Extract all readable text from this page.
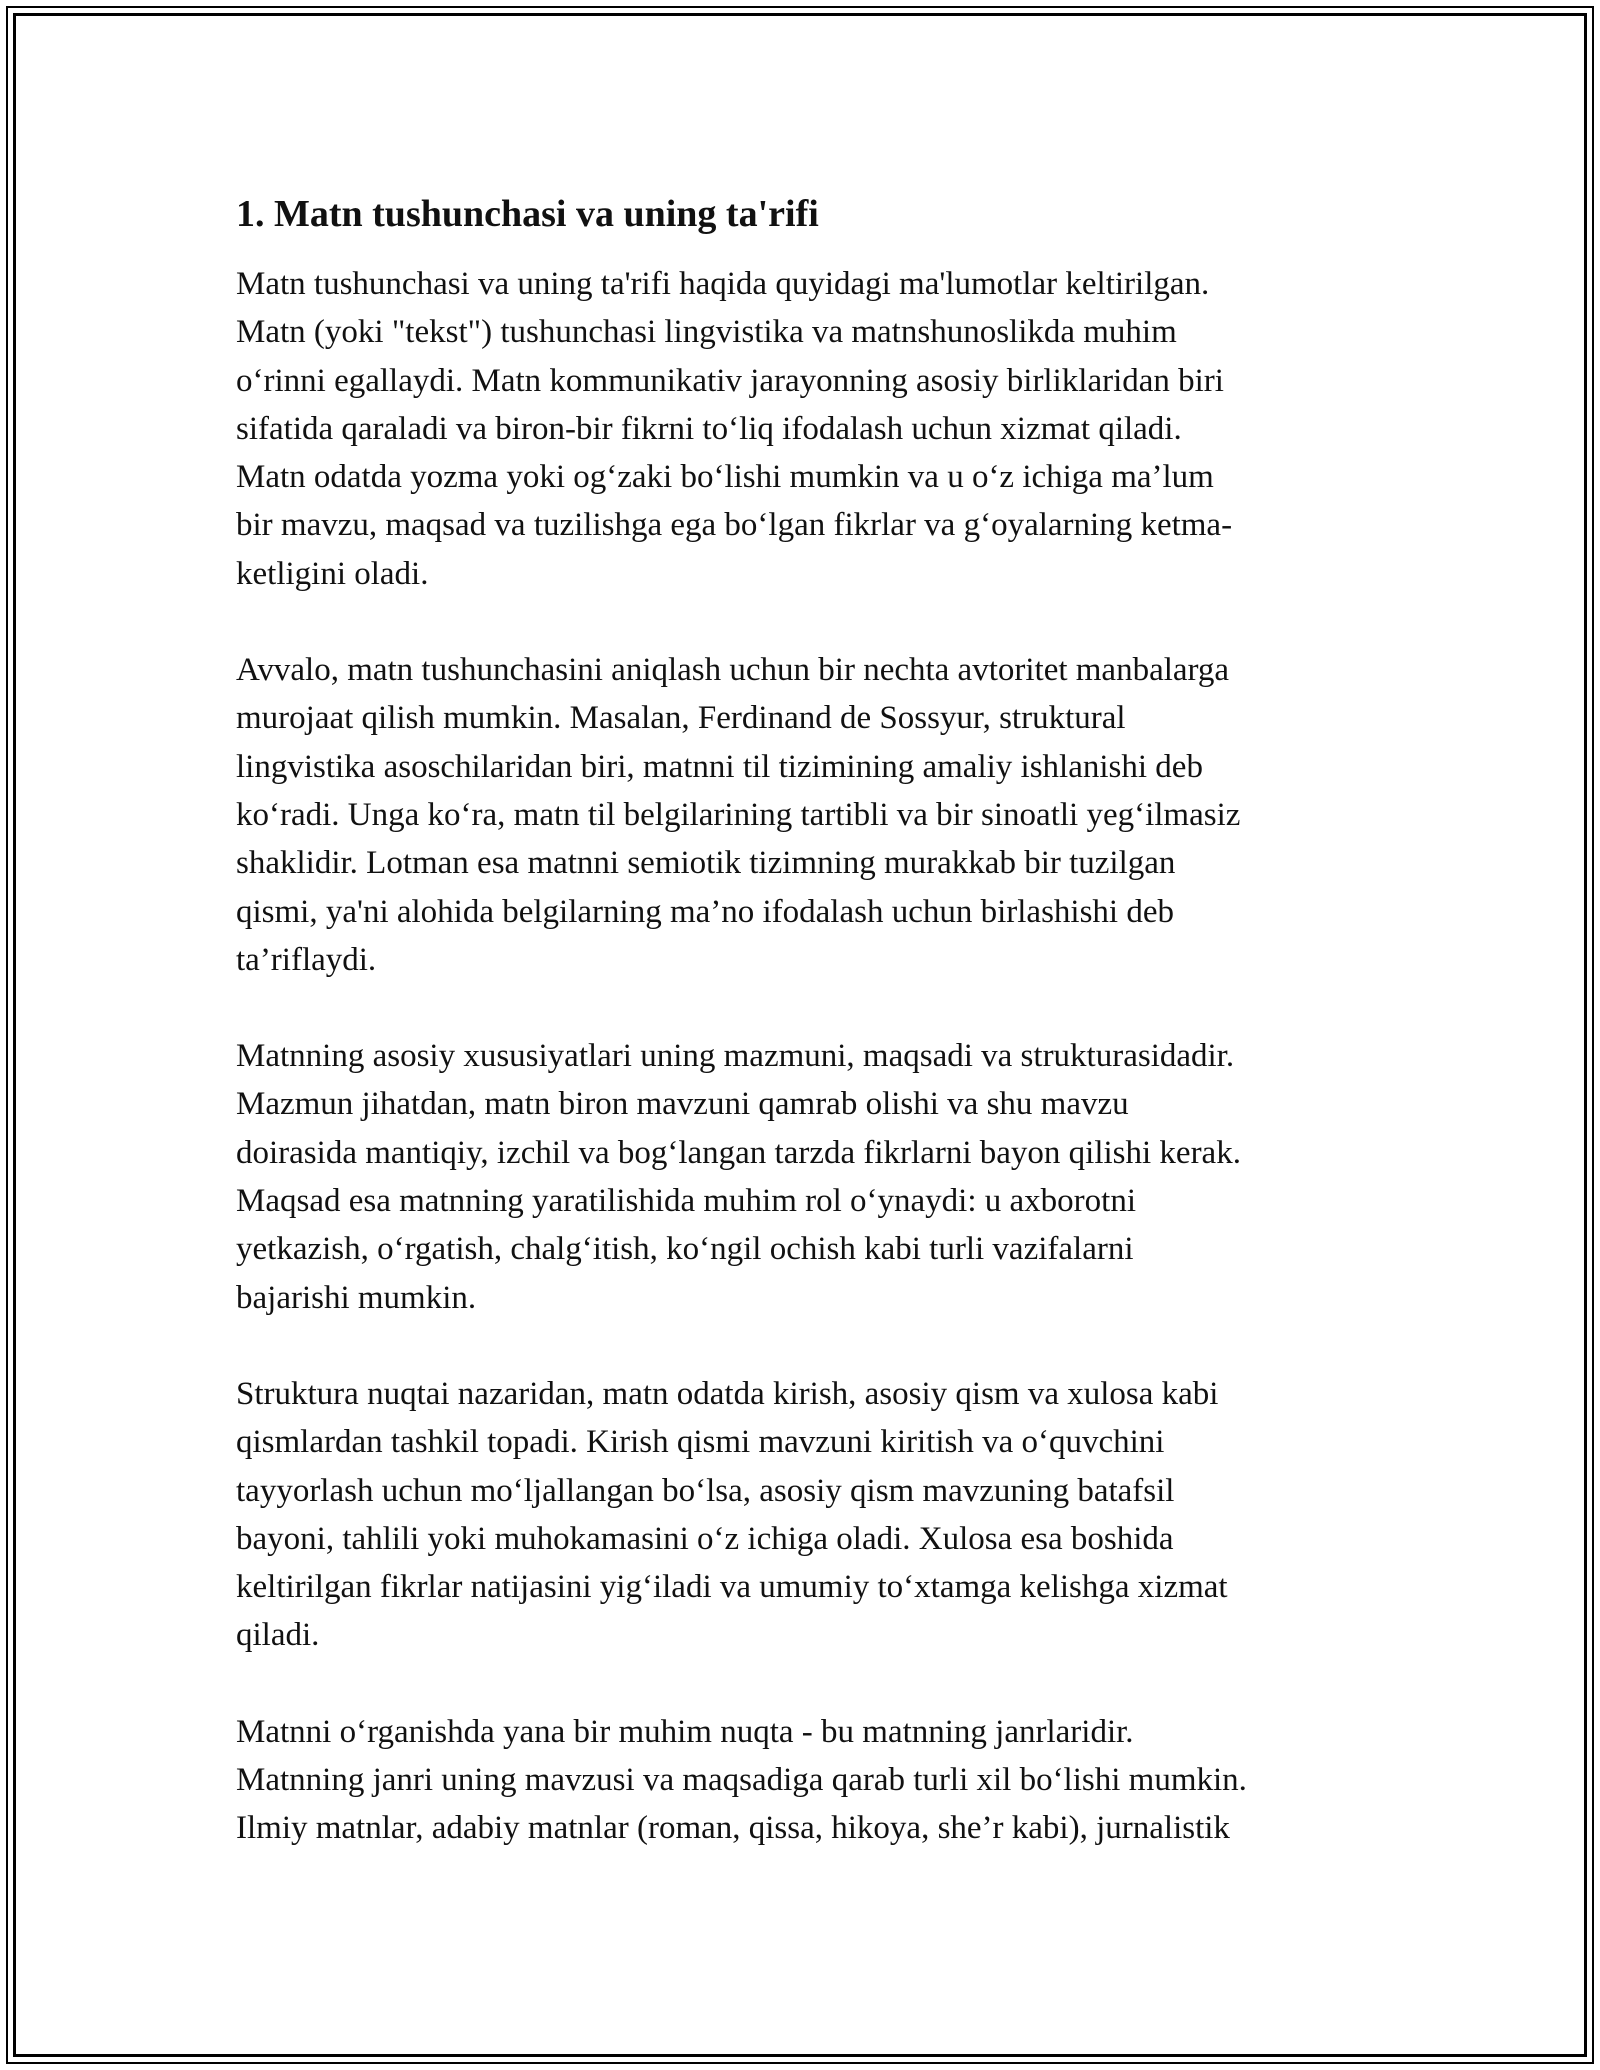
1. Matn tushunchasi va uning ta'rifi

Matn tushunchasi va uning ta'rifi haqida quyidagi ma'lumotlar keltirilgan.
Matn (yoki "tekst") tushunchasi lingvistika va matnshunoslikda muhim
o‘rinni egallaydi. Matn kommunikativ jarayonning asosiy birliklaridan biri
sifatida qaraladi va biron-bir fikrni to‘liq ifodalash uchun xizmat qiladi.
Matn odatda yozma yoki og‘zaki bo‘lishi mumkin va u o‘z ichiga ma’lum
bir mavzu, maqsad va tuzilishga ega bo‘lgan fikrlar va g‘oyalarning ketma-
ketligini oladi.

Avvalo, matn tushunchasini aniqlash uchun bir nechta avtoritet manbalarga
murojaat qilish mumkin. Masalan, Ferdinand de Sossyur, struktural
lingvistika asoschilaridan biri, matnni til tizimining amaliy ishlanishi deb
ko‘radi. Unga ko‘ra, matn til belgilarining tartibli va bir sinoatli yeg‘ilmasiz
shaklidir. Lotman esa matnni semiotik tizimning murakkab bir tuzilgan
qismi, ya'ni alohida belgilarning ma’no ifodalash uchun birlashishi deb
ta’riflaydi.

Matnning asosiy xususiyatlari uning mazmuni, maqsadi va strukturasidadir.
Mazmun jihatdan, matn biron mavzuni qamrab olishi va shu mavzu
doirasida mantiqiy, izchil va bog‘langan tarzda fikrlarni bayon qilishi kerak.
Maqsad esa matnning yaratilishida muhim rol o‘ynaydi: u axborotni
yetkazish, o‘rgatish, chalg‘itish, ko‘ngil ochish kabi turli vazifalarni
bajarishi mumkin.

Struktura nuqtai nazaridan, matn odatda kirish, asosiy qism va xulosa kabi
qismlardan tashkil topadi. Kirish qismi mavzuni kiritish va o‘quvchini
tayyorlash uchun mo‘ljallangan bo‘lsa, asosiy qism mavzuning batafsil
bayoni, tahlili yoki muhokamasini o‘z ichiga oladi. Xulosa esa boshida
keltirilgan fikrlar natijasini yig‘iladi va umumiy to‘xtamga kelishga xizmat
qiladi.

Matnni o‘rganishda yana bir muhim nuqta - bu matnning janrlaridir.
Matnning janri uning mavzusi va maqsadiga qarab turli xil bo‘lishi mumkin.
Ilmiy matnlar, adabiy matnlar (roman, qissa, hikoya, she’r kabi), jurnalistik
